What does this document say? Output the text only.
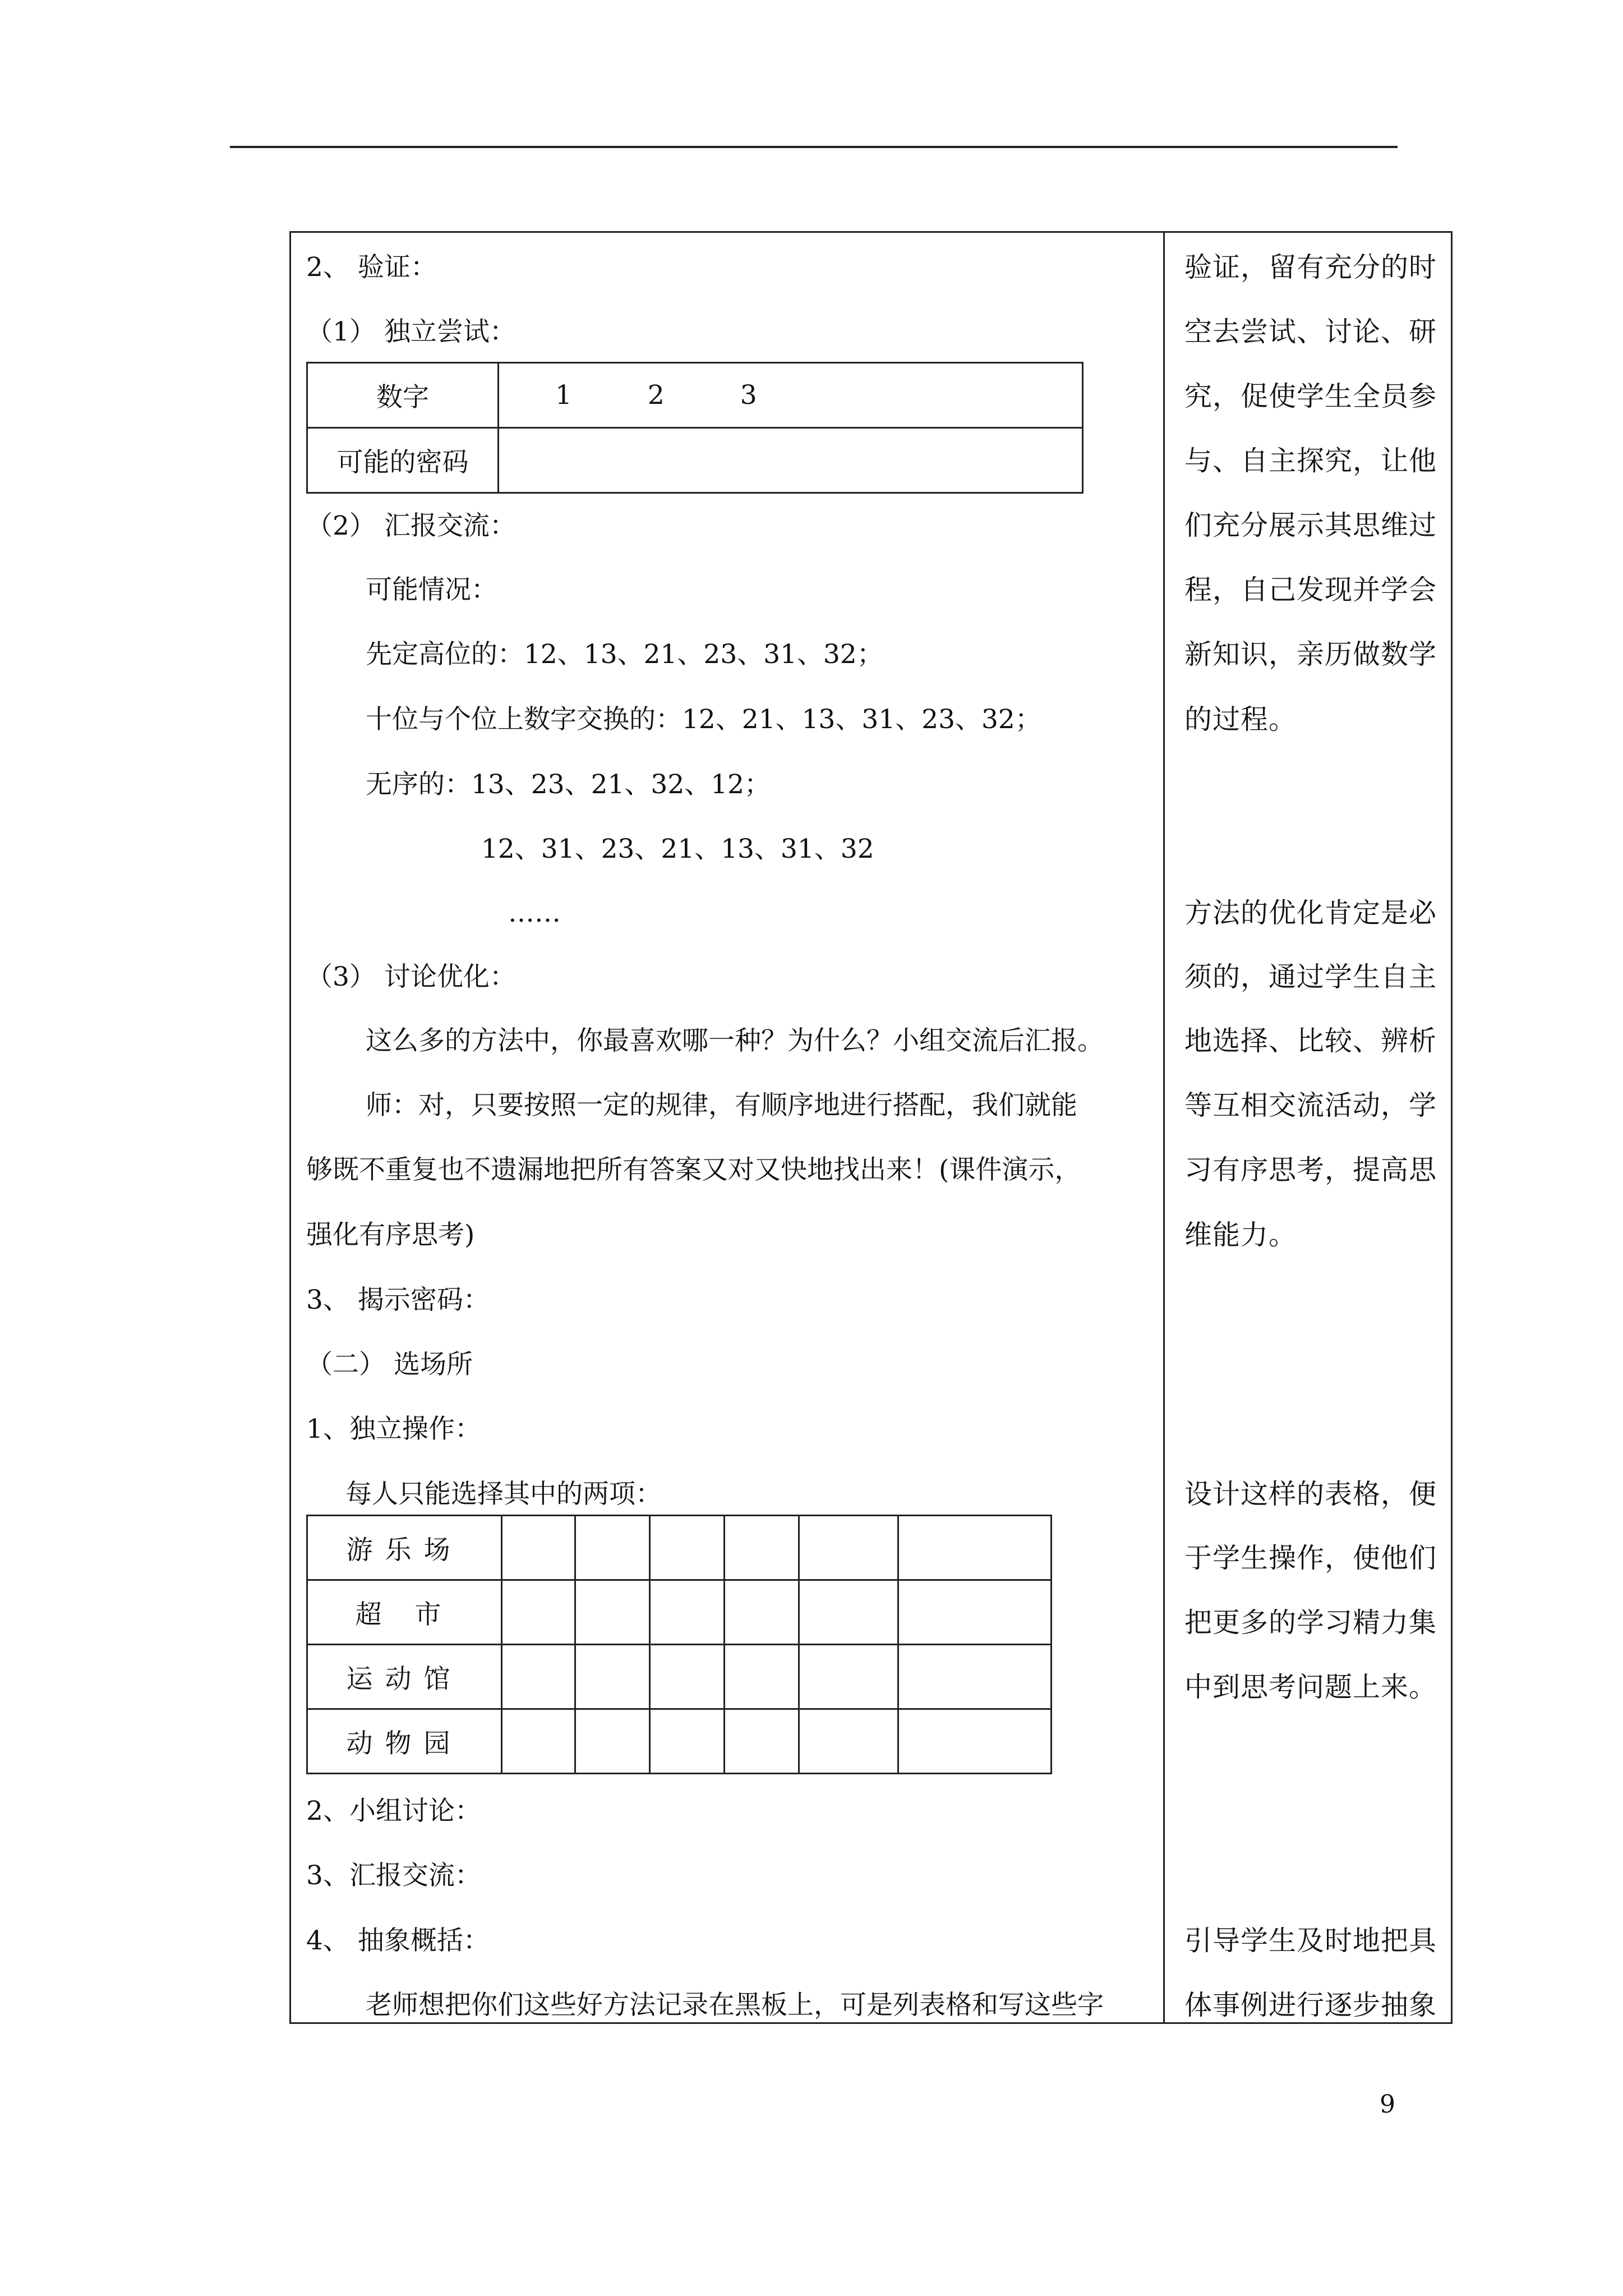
2、 验证：
（1） 独立尝试：
数字	1 2 3
可能的密码	
（2） 汇报交流：
可能情况：
先定高位的：12、13、21、23、31、32；
十位与个位上数字交换的：12、21、13、31、23、32；
无序的：13、23、21、32、12；
12、31、23、21、13、31、32
……
（3） 讨论优化：
这么多的方法中，你最喜欢哪一种？为什么？小组交流后汇报。
师：对，只要按照一定的规律，有顺序地进行搭配，我们就能
够既不重复也不遗漏地把所有答案又对又快地找出来！(课件演示，
强化有序思考)
3、 揭示密码：
（二） 选场所
1、独立操作：
每人只能选择其中的两项：
游乐场						
超 市						
运动馆						
动物园						
2、小组讨论：
3、汇报交流：
4、 抽象概括：
老师想把你们这些好方法记录在黑板上，可是列表格和写这些字
验证，留有充分的时
空去尝试、讨论、研
究，促使学生全员参
与、自主探究，让他
们充分展示其思维过
程，自己发现并学会
新知识，亲历做数学
的过程。
方法的优化肯定是必
须的，通过学生自主
地选择、比较、辨析
等互相交流活动，学
习有序思考，提高思
维能力。
设计这样的表格，便
于学生操作，使他们
把更多的学习精力集
中到思考问题上来。
引导学生及时地把具
体事例进行逐步抽象
9
